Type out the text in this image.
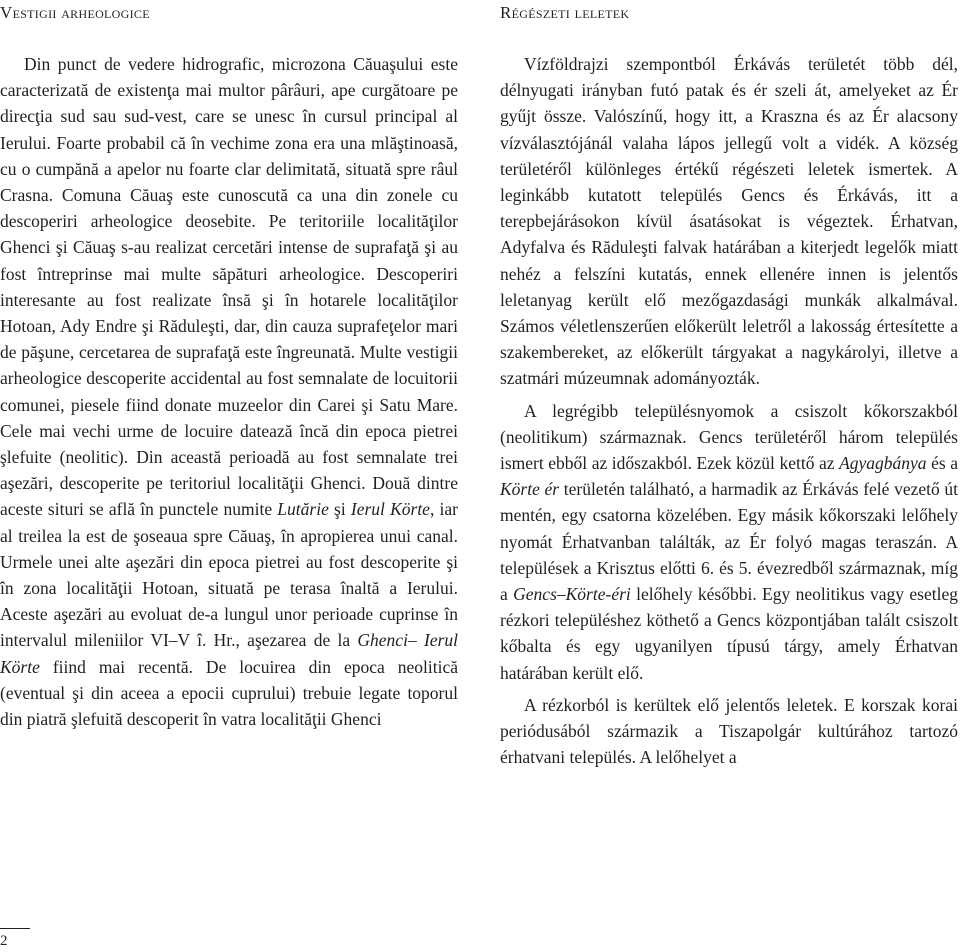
Vestigii arheologice

Din punct de vedere hidrografic, microzona Căuaşului este caracterizată de existenţa mai multor pârâuri, ape curgătoare pe direcţia sud sau sud-vest, care se unesc în cursul principal al Ierului. Foarte probabil că în vechime zona era una mlăştinoasă, cu o cumpănă a apelor nu foarte clar delimitată, situată spre râul Crasna. Comuna Căuaş este cunoscută ca una din zonele cu descoperiri arheologice deosebite. Pe teritoriile localităţilor Ghenci şi Căuaş s-au realizat cercetări intense de suprafaţă şi au fost întreprinse mai multe săpături arheologice. Descoperiri interesante au fost realizate însă şi în hotarele localităţilor Hotoan, Ady Endre şi Răduleşti, dar, din cauza suprafeţelor mari de păşune, cercetarea de suprafaţă este îngreunată. Multe vestigii arheologice descoperite accidental au fost semnalate de locuitorii comunei, piesele fiind donate muzeelor din Carei şi Satu Mare. Cele mai vechi urme de locuire datează încă din epoca pietrei şlefuite (neolitic). Din această perioadă au fost semnalate trei aşezări, descoperite pe teritoriul localităţii Ghenci. Două dintre aceste situri se află în punctele numite Lutărie şi Ierul Körte, iar al treilea la est de şoseaua spre Căuaş, în apropierea unui canal. Urmele unei alte aşezări din epoca pietrei au fost descoperite şi în zona localităţii Hotoan, situată pe terasa înaltă a Ierului. Aceste aşezări au evoluat de-a lungul unor perioade cuprinse în intervalul mileniilor VI–V î. Hr., aşezarea de la Ghenci– Ierul Körte fiind mai recentă. De locuirea din epoca neolitică (eventual şi din aceea a epocii cuprului) trebuie legate toporul din piatră şlefuită descoperit în vatra localităţii Ghenci

Régészeti leletek

Vízföldrajzi szempontból Érkávás területét több dél, délnyugati irányban futó patak és ér szeli át, amelyeket az Ér gyűjt össze. Valószínű, hogy itt, a Kraszna és az Ér alacsony vízválasztójánál valaha lápos jellegű volt a vidék. A község területéről különleges értékű régészeti leletek ismertek. A leginkább kutatott település Gencs és Érkávás, itt a terepbejárásokon kívül ásatásokat is végeztek. Érhatvan, Adyfalva és Răduleşti falvak határában a kiterjedt legelők miatt nehéz a felszíni kutatás, ennek ellenére innen is jelentős leletanyag került elő mezőgazdasági munkák alkalmával. Számos véletlenszerűen előkerült leletről a lakosság értesítette a szakembereket, az előkerült tárgyakat a nagykárolyi, illetve a szatmári múzeumnak adományozták.

A legrégibb településnyomok a csiszolt kőkorszakból (neolitikum) származnak. Gencs területéről három település ismert ebből az időszakból. Ezek közül kettő az Agyagbánya és a Körte ér területén található, a harmadik az Érkávás felé vezető út mentén, egy csatorna közelében. Egy másik kőkorszaki lelőhely nyomát Érhatvanban találták, az Ér folyó magas teraszán. A települések a Krisztus előtti 6. és 5. évezredből származnak, míg a Gencs–Körte-éri lelőhely későbbi. Egy neolitikus vagy esetleg rézkori településhez köthető a Gencs központjában talált csiszolt kőbalta és egy ugyanilyen típusú tárgy, amely Érhatvan határában került elő.

A rézkorból is kerültek elő jelentős leletek. E korszak korai periódusából származik a Tiszapolgár kultúrához tartozó érhatvani település. A lelőhelyet a

2
